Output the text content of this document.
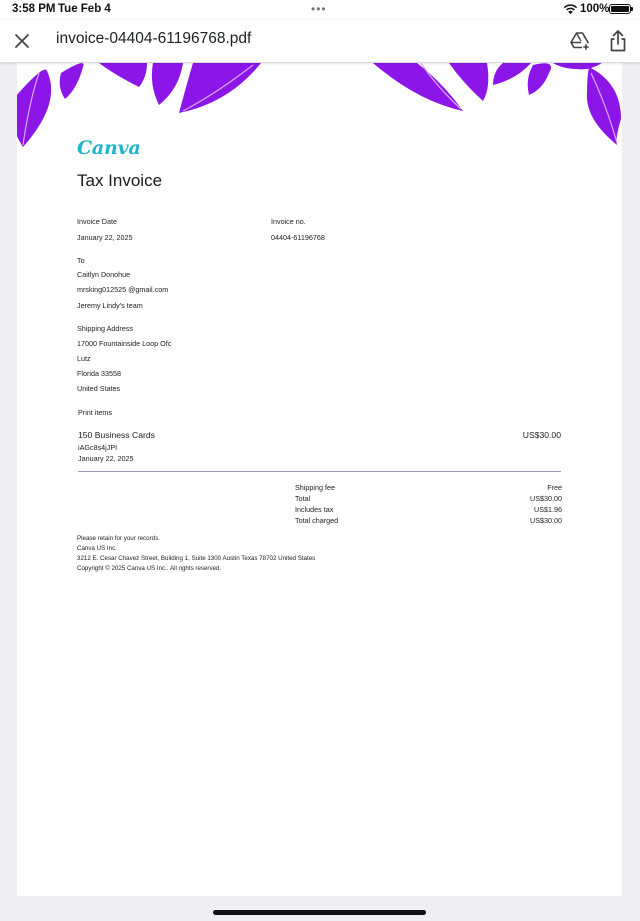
3:58 PM Tue Feb 4	•••	100%
invoice-04404-61196768.pdf
Canva
Tax Invoice
Invoice Date
January 22, 2025
Invoice no.
04404-61196768
To
Caitlyn Donohue
mrsking012525 @gmail.com
Jeremy Lindy's team
Shipping Address
17000 Fountainside Loop Ofc
Lutz
Florida 33558
United States
Print items
150 Business Cards	US$30.00
iAGc8s4jJPI
January 22, 2025
Shipping fee	Free
Total	US$30.00
Includes tax	US$1.96
Total charged	US$30.00
Please retain for your records.
Canva US Inc.
3212 E. Cesar Chavez Street, Building 1, Suite 1300 Austin Texas 78702 United States
Copyright © 2025 Canva US Inc.. All rights reserved.
